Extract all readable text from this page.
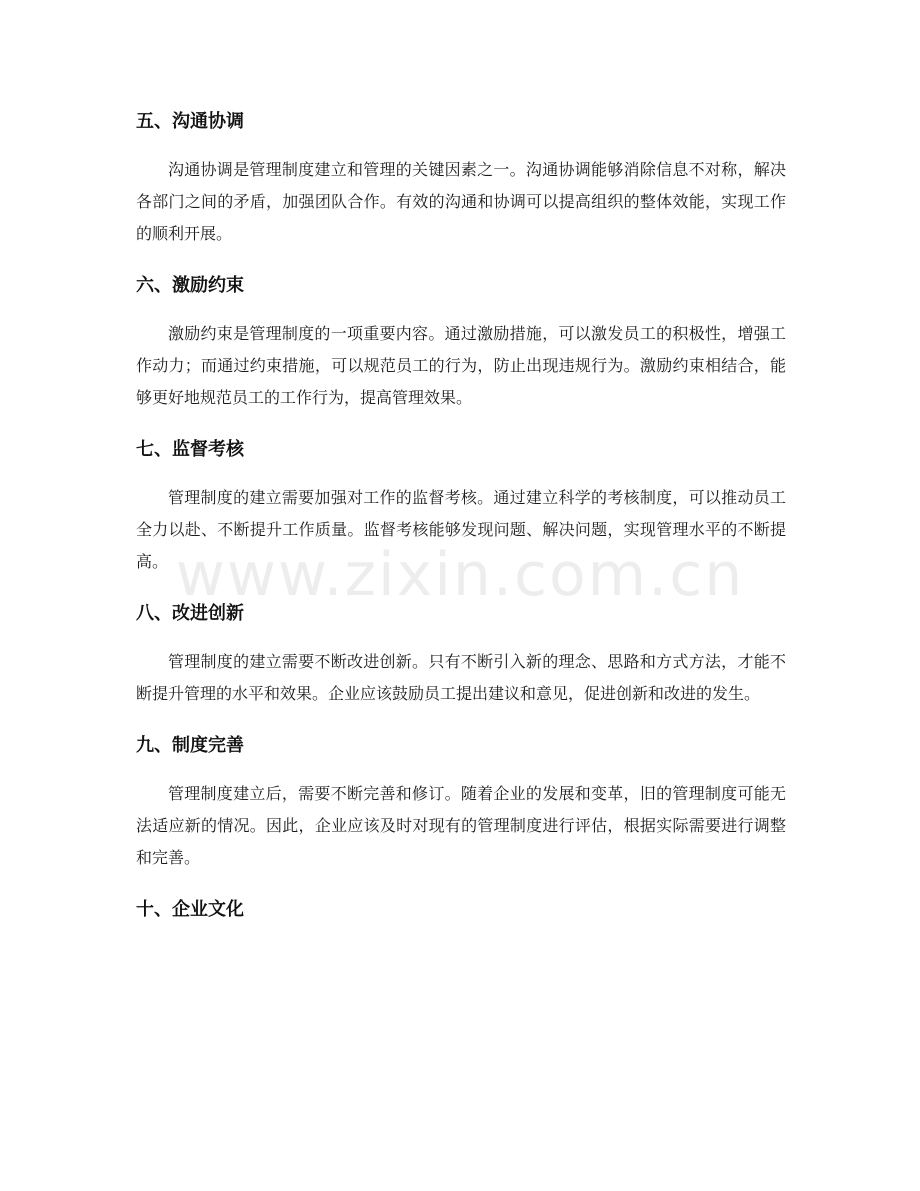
www.zixin.com.cn
五、沟通协调

沟通协调是管理制度建立和管理的关键因素之一。沟通协调能够消除信息不对称，解决各部门之间的矛盾，加强团队合作。有效的沟通和协调可以提高组织的整体效能，实现工作的顺利开展。

六、激励约束

激励约束是管理制度的一项重要内容。通过激励措施，可以激发员工的积极性，增强工作动力；而通过约束措施，可以规范员工的行为，防止出现违规行为。激励约束相结合，能够更好地规范员工的工作行为，提高管理效果。

七、监督考核

管理制度的建立需要加强对工作的监督考核。通过建立科学的考核制度，可以推动员工全力以赴、不断提升工作质量。监督考核能够发现问题、解决问题，实现管理水平的不断提高。

八、改进创新

管理制度的建立需要不断改进创新。只有不断引入新的理念、思路和方式方法，才能不断提升管理的水平和效果。企业应该鼓励员工提出建议和意见，促进创新和改进的发生。

九、制度完善

管理制度建立后，需要不断完善和修订。随着企业的发展和变革，旧的管理制度可能无法适应新的情况。因此，企业应该及时对现有的管理制度进行评估，根据实际需要进行调整和完善。

十、企业文化
